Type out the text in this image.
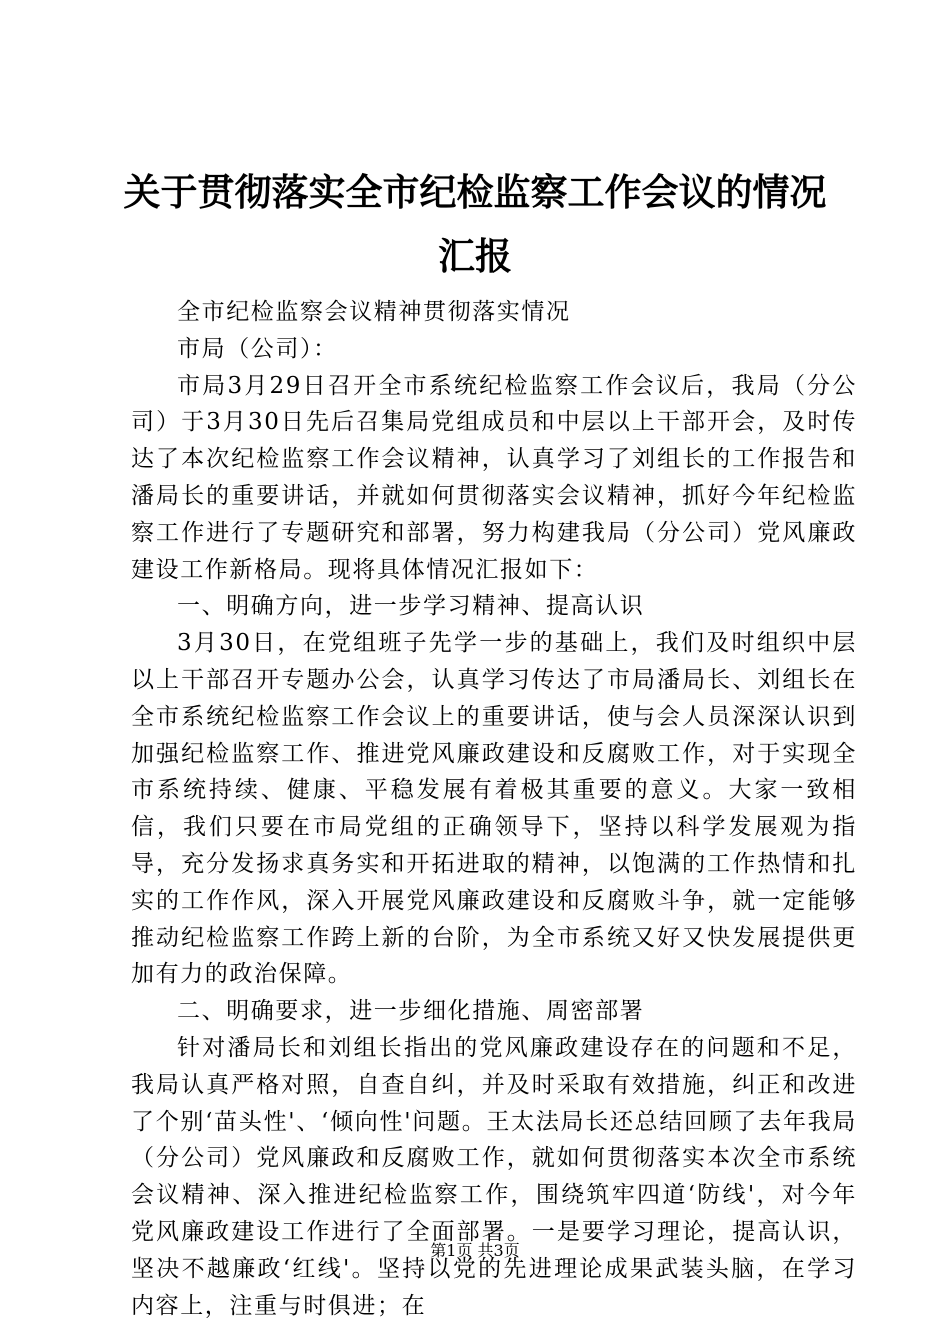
关于贯彻落实全市纪检监察工作会议的情况汇报

全市纪检监察会议精神贯彻落实情况

市局（公司）：

市局3月29日召开全市系统纪检监察工作会议后，我局（分公司）于3月30日先后召集局党组成员和中层以上干部开会，及时传达了本次纪检监察工作会议精神，认真学习了刘组长的工作报告和潘局长的重要讲话，并就如何贯彻落实会议精神，抓好今年纪检监察工作进行了专题研究和部署，努力构建我局（分公司）党风廉政建设工作新格局。现将具体情况汇报如下：

一、明确方向，进一步学习精神、提高认识

3月30日，在党组班子先学一步的基础上，我们及时组织中层以上干部召开专题办公会，认真学习传达了市局潘局长、刘组长在全市系统纪检监察工作会议上的重要讲话，使与会人员深深认识到加强纪检监察工作、推进党风廉政建设和反腐败工作，对于实现全市系统持续、健康、平稳发展有着极其重要的意义。大家一致相信，我们只要在市局党组的正确领导下，坚持以科学发展观为指导，充分发扬求真务实和开拓进取的精神，以饱满的工作热情和扎实的工作作风，深入开展党风廉政建设和反腐败斗争，就一定能够推动纪检监察工作跨上新的台阶，为全市系统又好又快发展提供更加有力的政治保障。

二、明确要求，进一步细化措施、周密部署

针对潘局长和刘组长指出的党风廉政建设存在的问题和不足，我局认真严格对照，自查自纠，并及时采取有效措施，纠正和改进了个别‘苗头性'、‘倾向性'问题。王太法局长还总结回顾了去年我局（分公司）党风廉政和反腐败工作，就如何贯彻落实本次全市系统会议精神、深入推进纪检监察工作，围绕筑牢四道‘防线'，对今年党风廉政建设工作进行了全面部署。一是要学习理论，提高认识，坚决不越廉政‘红线'。坚持以党的先进理论成果武装头脑，在学习内容上，注重与时俱进；在

第1页 共3页
